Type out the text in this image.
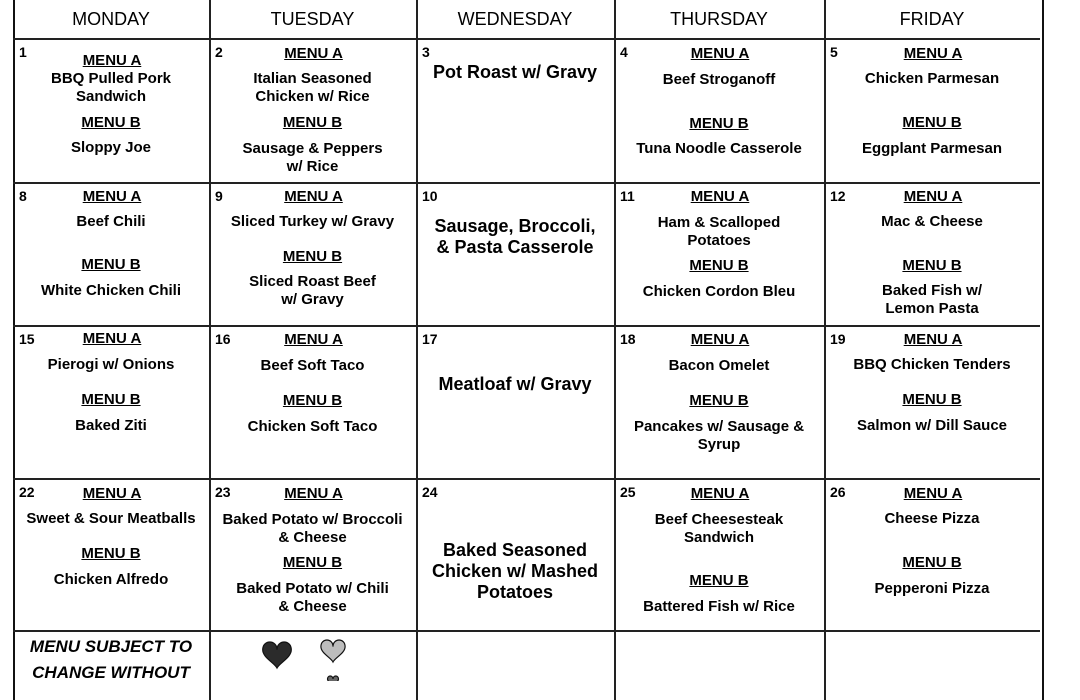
MONDAY	TUESDAY	WEDNESDAY	THURSDAY	FRIDAY
1	MENU A
BBQ Pulled Pork
Sandwich
MENU B
Sloppy Joe
2	MENU A
Italian Seasoned
Chicken w/ Rice
MENU B
Sausage & Peppers
w/ Rice
3
Pot Roast w/ Gravy
4	MENU A
Beef Stroganoff
MENU B
Tuna Noodle Casserole
5	MENU A
Chicken Parmesan
MENU B
Eggplant Parmesan
8	MENU A
Beef Chili
MENU B
White Chicken Chili
9	MENU A
Sliced Turkey w/ Gravy
MENU B
Sliced Roast Beef
w/ Gravy
10
Sausage, Broccoli,
& Pasta Casserole
11	MENU A
Ham & Scalloped
Potatoes
MENU B
Chicken Cordon Bleu
12	MENU A
Mac & Cheese
MENU B
Baked Fish w/
Lemon Pasta
15	MENU A
Pierogi w/ Onions
MENU B
Baked Ziti
16	MENU A
Beef Soft Taco
MENU B
Chicken Soft Taco
17
Meatloaf w/ Gravy
18	MENU A
Bacon Omelet
MENU B
Pancakes w/ Sausage &
Syrup
19	MENU A
BBQ Chicken Tenders
MENU B
Salmon w/ Dill Sauce
22	MENU A
Sweet & Sour Meatballs
MENU B
Chicken Alfredo
23	MENU A
Baked Potato w/ Broccoli
& Cheese
MENU B
Baked Potato w/ Chili
& Cheese
24
Baked Seasoned
Chicken w/ Mashed
Potatoes
25	MENU A
Beef Cheesesteak
Sandwich
MENU B
Battered Fish w/ Rice
26	MENU A
Cheese Pizza
MENU B
Pepperoni Pizza
MENU SUBJECT TO
CHANGE WITHOUT
